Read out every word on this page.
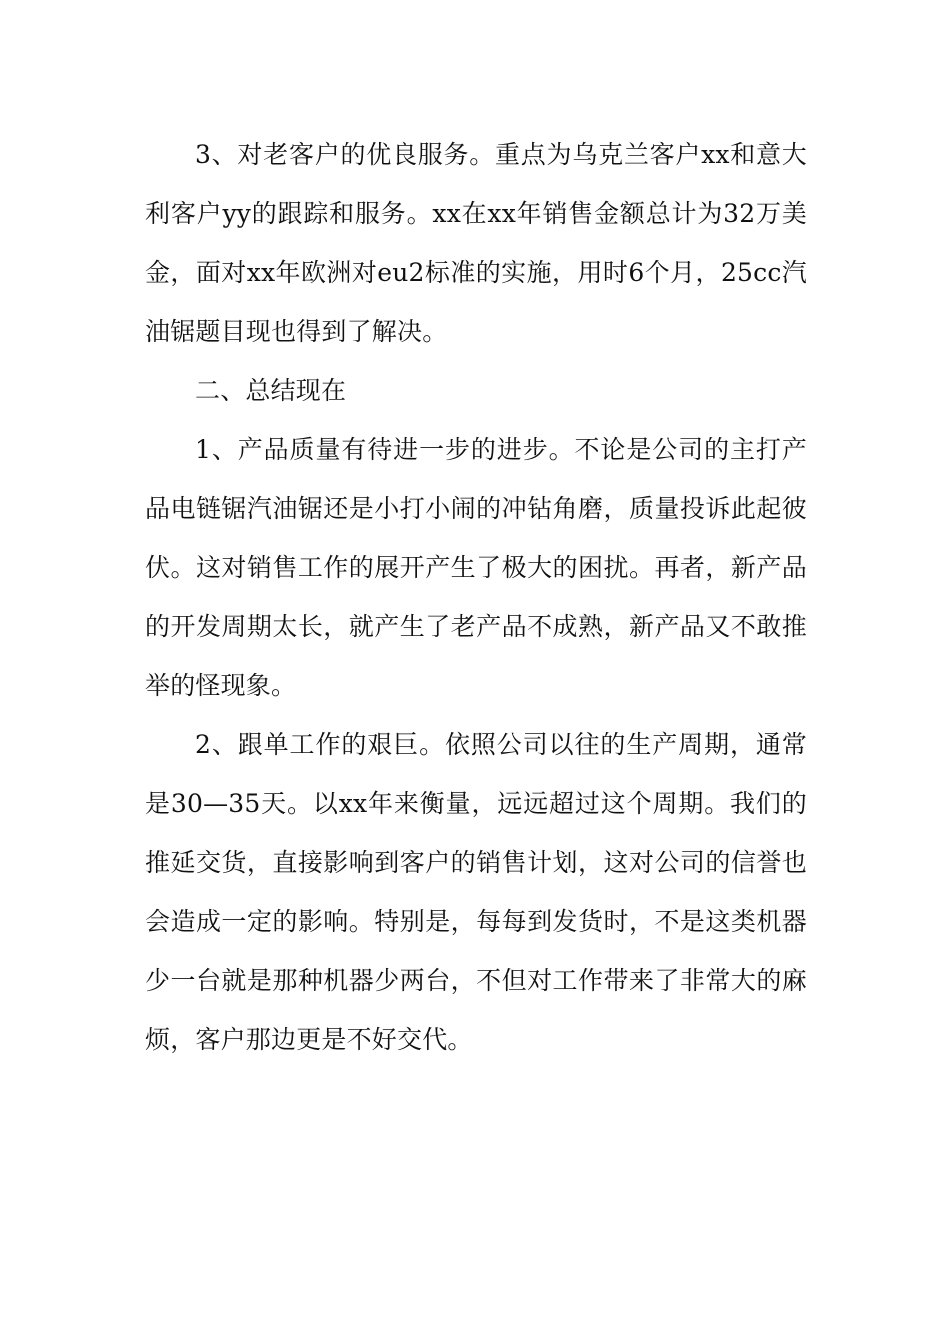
3、对老客户的优良服务。重点为乌克兰客户xx和意大利客户yy的跟踪和服务。xx在xx年销售金额总计为32万美金，面对xx年欧洲对eu2标准的实施，用时6个月，25cc汽油锯题目现也得到了解决。

二、总结现在

1、产品质量有待进一步的进步。不论是公司的主打产品电链锯汽油锯还是小打小闹的冲钻角磨，质量投诉此起彼伏。这对销售工作的展开产生了极大的困扰。再者，新产品的开发周期太长，就产生了老产品不成熟，新产品又不敢推举的怪现象。

2、跟单工作的艰巨。依照公司以往的生产周期，通常是30—35天。以xx年来衡量，远远超过这个周期。我们的推延交货，直接影响到客户的销售计划，这对公司的信誉也会造成一定的影响。特别是，每每到发货时，不是这类机器少一台就是那种机器少两台，不但对工作带来了非常大的麻烦，客户那边更是不好交代。
